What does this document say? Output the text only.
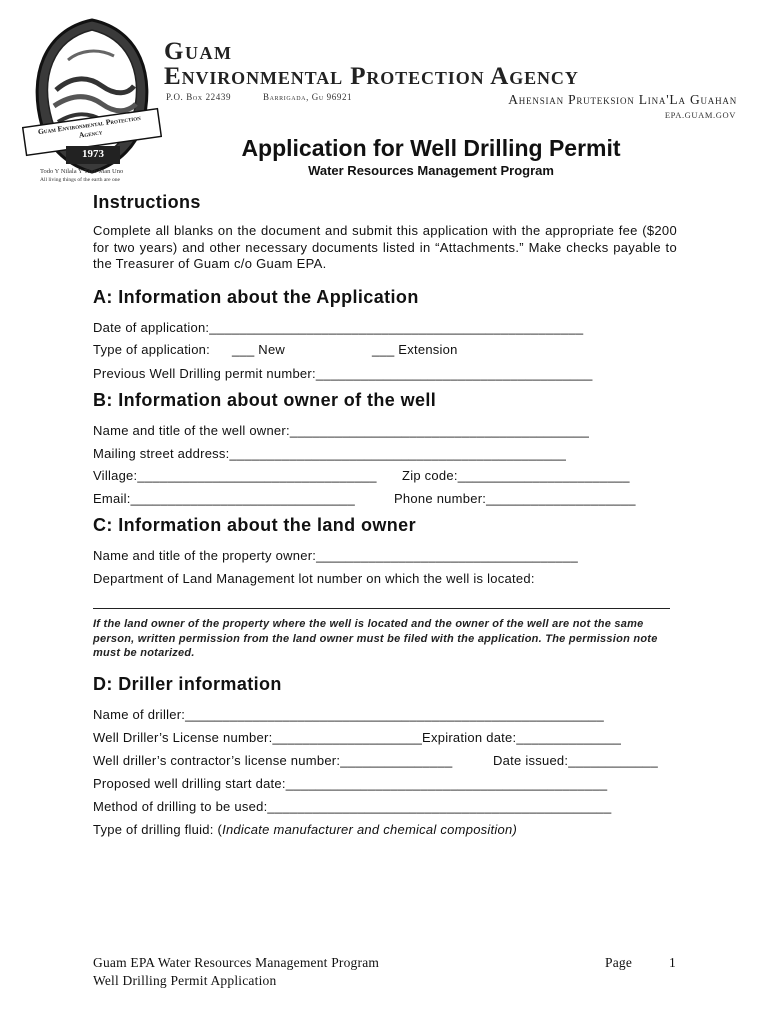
Guam Environmental Protection Agency
1973
Todo Y Nilala Y Tano Man Uno
All living things of the earth are one
Guam
Environmental Protection Agency
P.O. Box 22439	Barrigada, Gu 96921	Ahensian Pruteksion Lina'La Guahan
EPA.GUAM.GOV
Application for Well Drilling Permit
Water Resources Management Program
Instructions
Complete all blanks on the document and submit this application with the appropriate fee ($200 for two years) and other necessary documents listed in “Attachments.” Make checks payable to the Treasurer of Guam c/o Guam EPA.
A: Information about the Application
Date of application:__________________________________________________
Type of application: ___ New	___ Extension
Previous Well Drilling permit number:_____________________________________
B: Information about owner of the well
Name and title of the well owner:________________________________________
Mailing street address:_____________________________________________
Village:________________________________ Zip code:_______________________
Email:______________________________	Phone number:____________________
C: Information about the land owner
Name and title of the property owner:___________________________________
Department of Land Management lot number on which the well is located:
If the land owner of the property where the well is located and the owner of the well are not the same person, written permission from the land owner must be filed with the application. The permission note must be notarized.
D: Driller information
Name of driller:________________________________________________________
Well Driller’s License number:____________________Expiration date:______________
Well driller’s contractor’s license number:_______________	Date issued:____________
Proposed well drilling start date:___________________________________________
Method of drilling to be used:______________________________________________
Type of drilling fluid: (Indicate manufacturer and chemical composition)
Guam EPA Water Resources Management Program
Well Drilling Permit Application
Page	1
